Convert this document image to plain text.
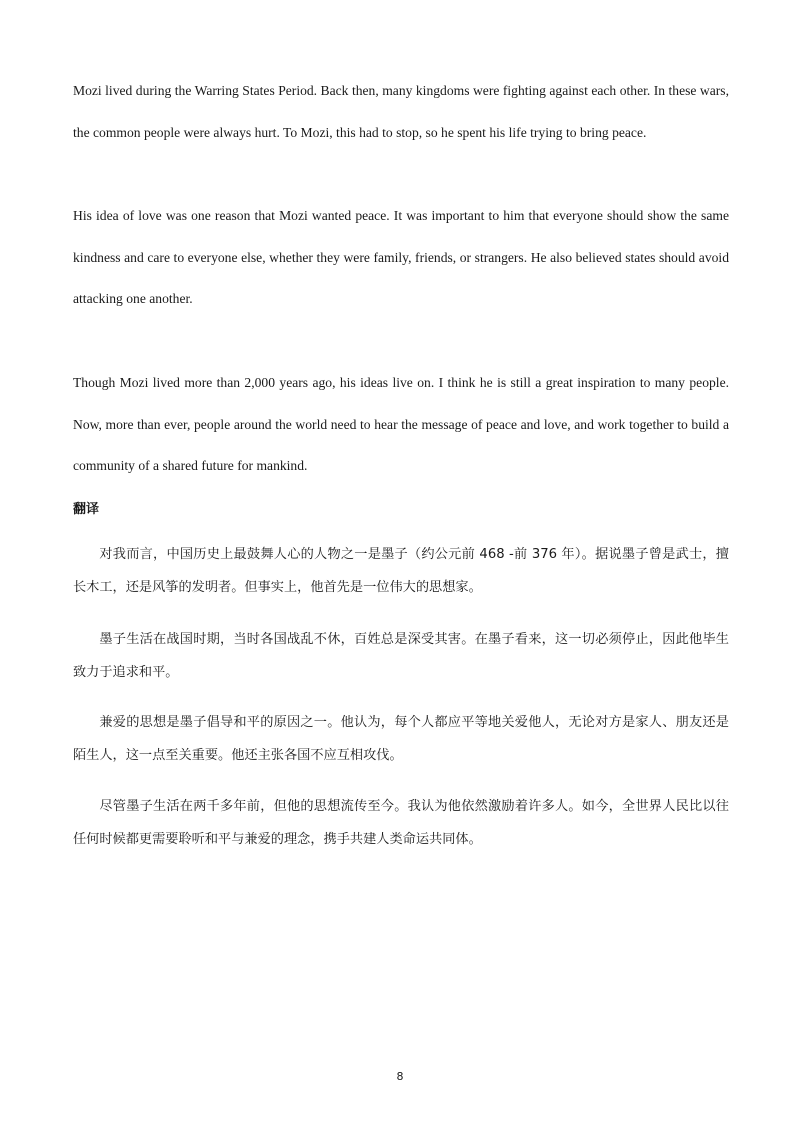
Mozi lived during the Warring States Period. Back then, many kingdoms were fighting against each other. In these wars, the common people were always hurt. To Mozi, this had to stop, so he spent his life trying to bring peace.

His idea of love was one reason that Mozi wanted peace. It was important to him that everyone should show the same kindness and care to everyone else, whether they were family, friends, or strangers. He also believed states should avoid attacking one another.

Though Mozi lived more than 2,000 years ago, his ideas live on. I think he is still a great inspiration to many people. Now, more than ever, people around the world need to hear the message of peace and love, and work together to build a community of a shared future for mankind.

翻译

对我而言，中国历史上最鼓舞人心的人物之一是墨子（约公元前 468 -前 376 年）。据说墨子曾是武士，擅长木工，还是风筝的发明者。但事实上，他首先是一位伟大的思想家。

墨子生活在战国时期，当时各国战乱不休，百姓总是深受其害。在墨子看来，这一切必须停止，因此他毕生致力于追求和平。

兼爱的思想是墨子倡导和平的原因之一。他认为，每个人都应平等地关爱他人，无论对方是家人、朋友还是陌生人，这一点至关重要。他还主张各国不应互相攻伐。

尽管墨子生活在两千多年前，但他的思想流传至今。我认为他依然激励着许多人。如今，全世界人民比以往任何时候都更需要聆听和平与兼爱的理念，携手共建人类命运共同体。

8
